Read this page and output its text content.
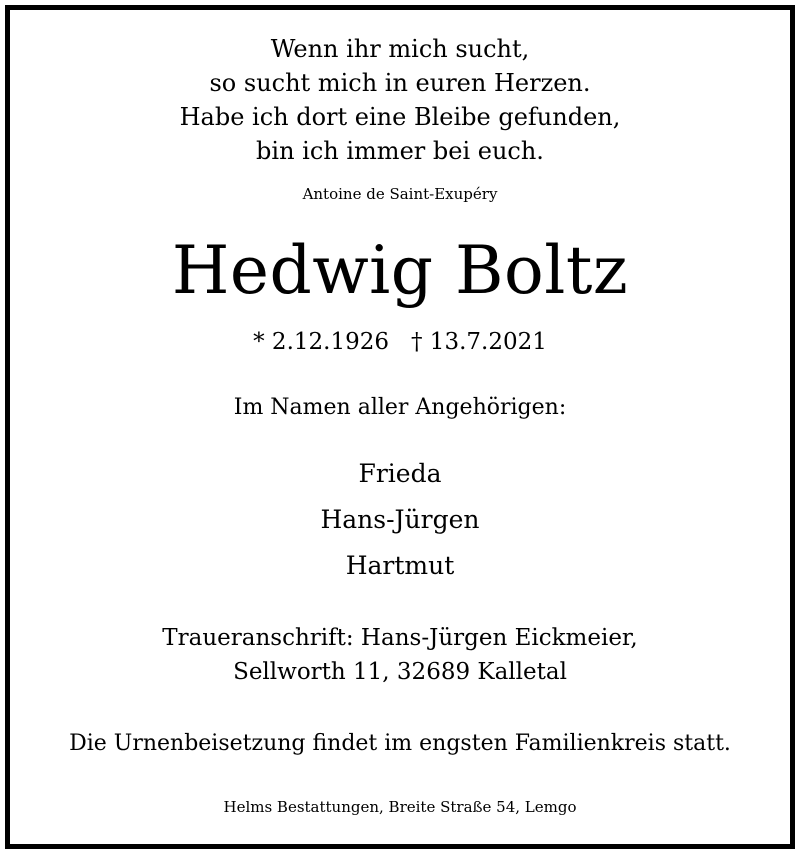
Wenn ihr mich sucht,
so sucht mich in euren Herzen.
Habe ich dort eine Bleibe gefunden,
bin ich immer bei euch.
Antoine de Saint-Exupéry
Hedwig Boltz
* 2.12.1926 † 13.7.2021
Im Namen aller Angehörigen:
Frieda
Hans-Jürgen
Hartmut
Traueranschrift: Hans-Jürgen Eickmeier,
Sellworth 11, 32689 Kalletal
Die Urnenbeisetzung findet im engsten Familienkreis statt.
Helms Bestattungen, Breite Straße 54, Lemgo
